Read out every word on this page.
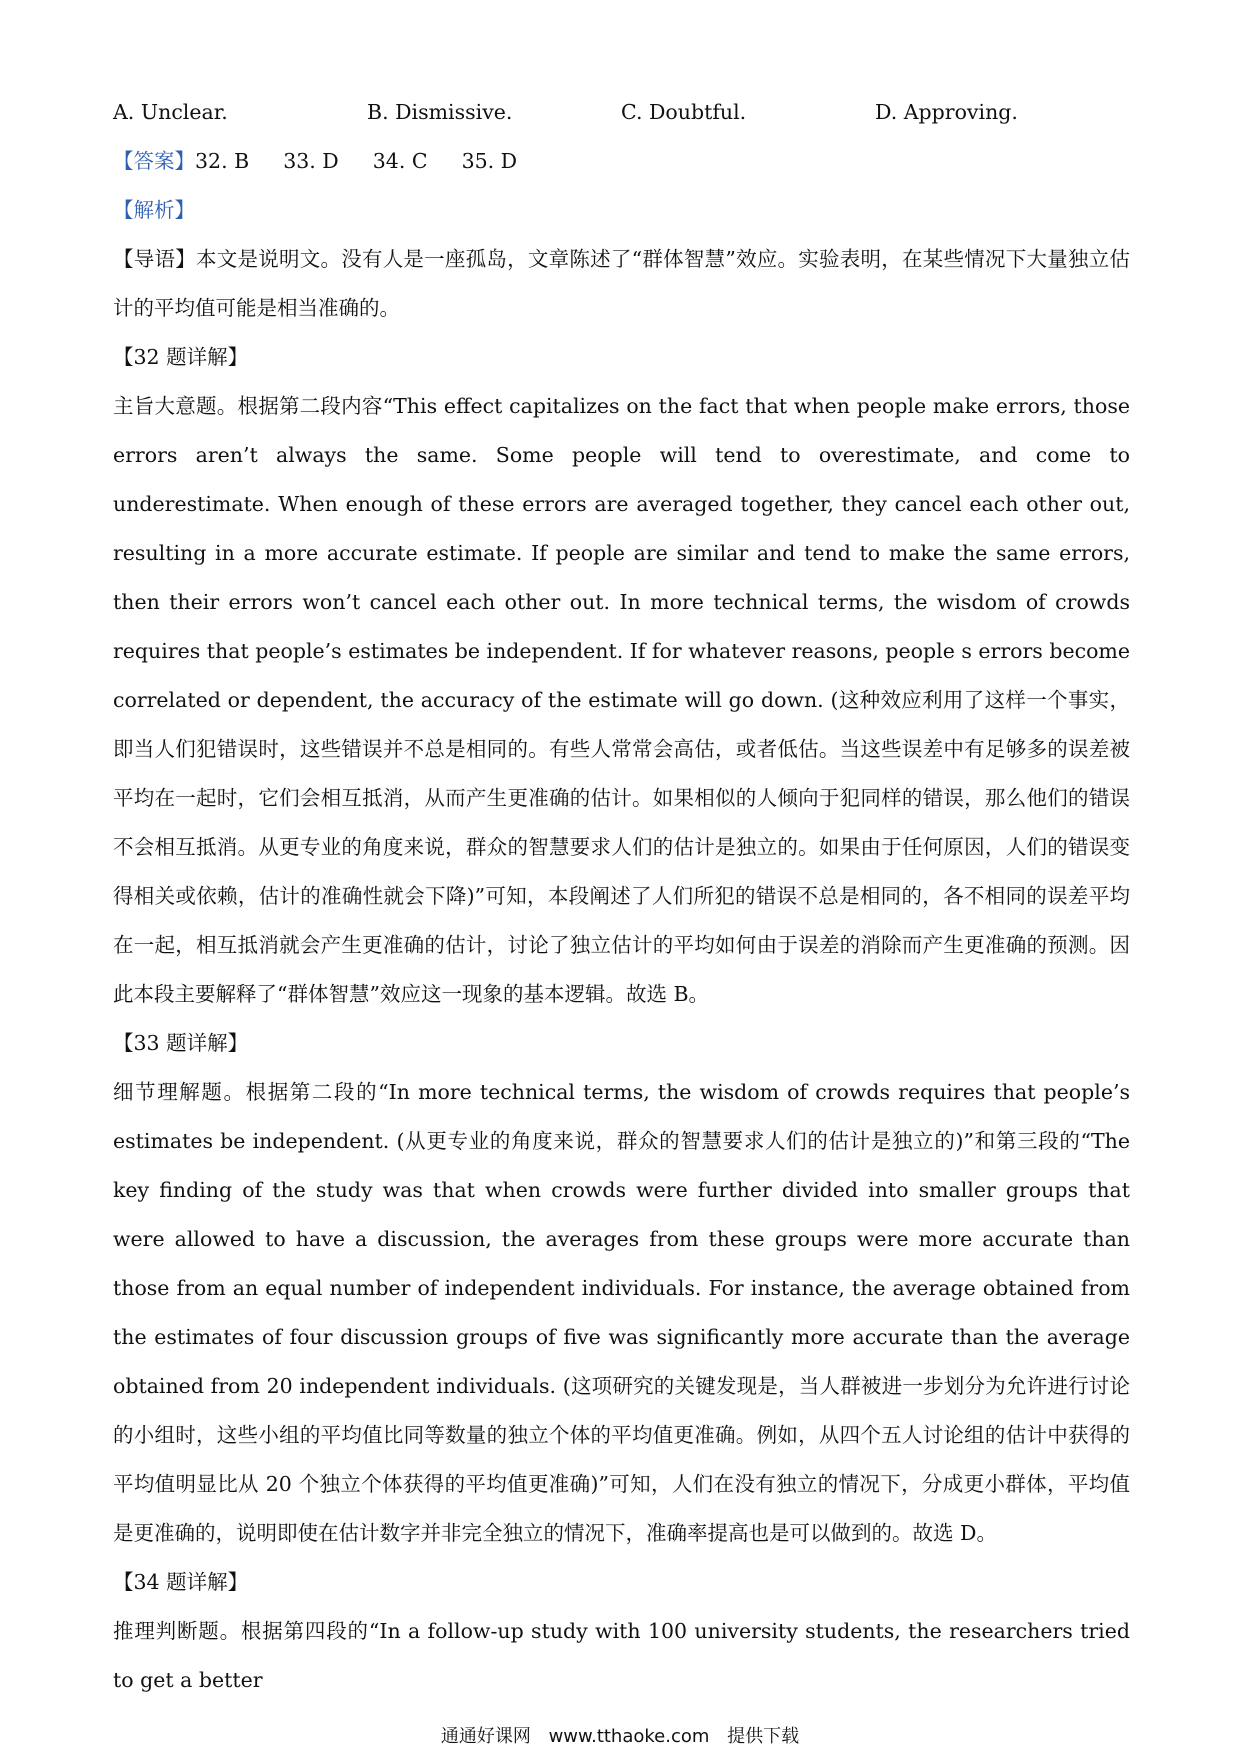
A. Unclear.	B. Dismissive.	C. Doubtful.	D. Approving.
【答案】32. B 33. D 34. C 35. D
【解析】
【导语】本文是说明文。没有人是一座孤岛，文章陈述了“群体智慧”效应。实验表明，在某些情况下大量独立估计的平均值可能是相当准确的。
【32 题详解】
主旨大意题。根据第二段内容“This effect capitalizes on the fact that when people make errors, those errors aren’t always the same. Some people will tend to overestimate, and come to underestimate. When enough of these errors are averaged together, they cancel each other out, resulting in a more accurate estimate. If people are similar and tend to make the same errors, then their errors won’t cancel each other out. In more technical terms, the wisdom of crowds requires that people’s estimates be independent. If for whatever reasons, people s errors become correlated or dependent, the accuracy of the estimate will go down. (这种效应利用了这样一个事实，即当人们犯错误时，这些错误并不总是相同的。有些人常常会高估，或者低估。当这些误差中有足够多的误差被平均在一起时，它们会相互抵消，从而产生更准确的估计。如果相似的人倾向于犯同样的错误，那么他们的错误不会相互抵消。从更专业的角度来说，群众的智慧要求人们的估计是独立的。如果由于任何原因，人们的错误变得相关或依赖，估计的准确性就会下降)”可知，本段阐述了人们所犯的错误不总是相同的，各不相同的误差平均在一起，相互抵消就会产生更准确的估计，讨论了独立估计的平均如何由于误差的消除而产生更准确的预测。因此本段主要解释了“群体智慧”效应这一现象的基本逻辑。故选 B。
【33 题详解】
细节理解题。根据第二段的“In more technical terms, the wisdom of crowds requires that people’s estimates be independent. (从更专业的角度来说，群众的智慧要求人们的估计是独立的)”和第三段的“The key finding of the study was that when crowds were further divided into smaller groups that were allowed to have a discussion, the averages from these groups were more accurate than those from an equal number of independent individuals. For instance, the average obtained from the estimates of four discussion groups of five was significantly more accurate than the average obtained from 20 independent individuals. (这项研究的关键发现是，当人群被进一步划分为允许进行讨论的小组时，这些小组的平均值比同等数量的独立个体的平均值更准确。例如，从四个五人讨论组的估计中获得的平均值明显比从 20 个独立个体获得的平均值更准确)”可知，人们在没有独立的情况下，分成更小群体，平均值是更准确的，说明即使在估计数字并非完全独立的情况下，准确率提高也是可以做到的。故选 D。
【34 题详解】
推理判断题。根据第四段的“In a follow-up study with 100 university students, the researchers tried to get a better
通通好课网 www.tthaoke.com 提供下载
